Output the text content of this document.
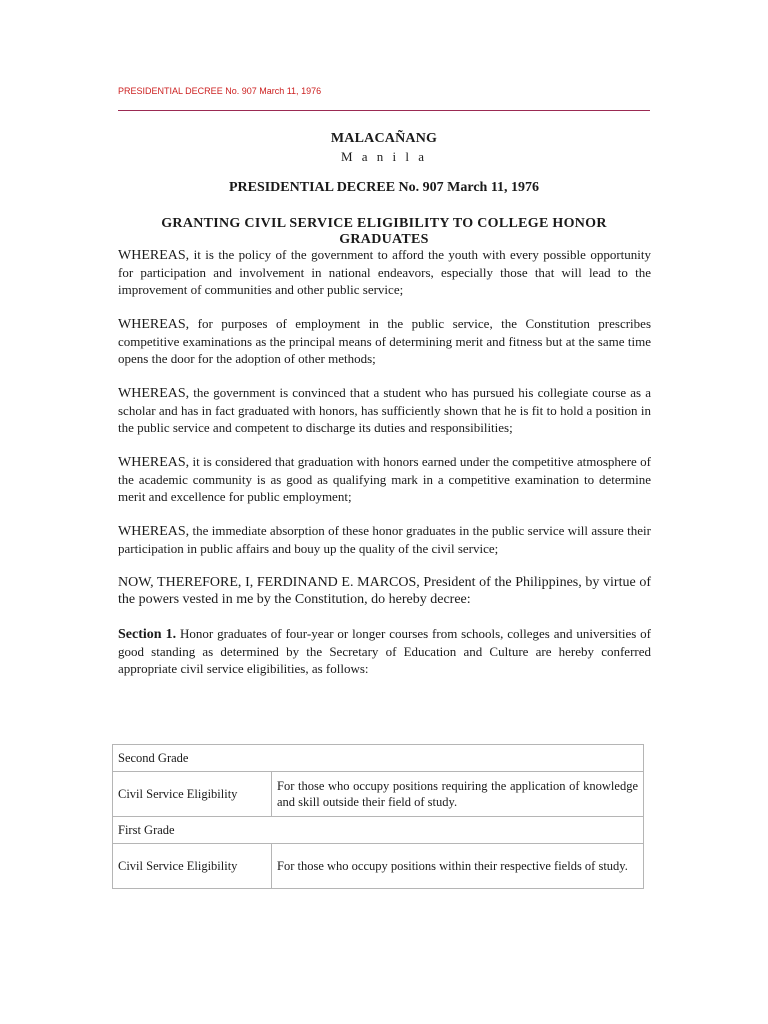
PRESIDENTIAL DECREE No. 907 March 11, 1976
MALACAÑANG
M a n i l a
PRESIDENTIAL DECREE No. 907 March 11, 1976
GRANTING CIVIL SERVICE ELIGIBILITY TO COLLEGE HONOR GRADUATES

WHEREAS, it is the policy of the government to afford the youth with every possible opportunity for participation and involvement in national endeavors, especially those that will lead to the improvement of communities and other public service;

WHEREAS, for purposes of employment in the public service, the Constitution prescribes competitive examinations as the principal means of determining merit and fitness but at the same time opens the door for the adoption of other methods;

WHEREAS, the government is convinced that a student who has pursued his collegiate course as a scholar and has in fact graduated with honors, has sufficiently shown that he is fit to hold a position in the public service and competent to discharge its duties and responsibilities;

WHEREAS, it is considered that graduation with honors earned under the competitive atmosphere of the academic community is as good as qualifying mark in a competitive examination to determine merit and excellence for public employment;

WHEREAS, the immediate absorption of these honor graduates in the public service will assure their participation in public affairs and bouy up the quality of the civil service;

NOW, THEREFORE, I, FERDINAND E. MARCOS, President of the Philippines, by virtue of the powers vested in me by the Constitution, do hereby decree:

Section 1. Honor graduates of four-year or longer courses from schools, colleges and universities of good standing as determined by the Secretary of Education and Culture are hereby conferred appropriate civil service eligibilities, as follows:

Second Grade	
Civil Service Eligibility	For those who occupy positions requiring the application of knowledge and skill outside their field of study.
First Grade	
Civil Service Eligibility	For those who occupy positions within their respective fields of study.
